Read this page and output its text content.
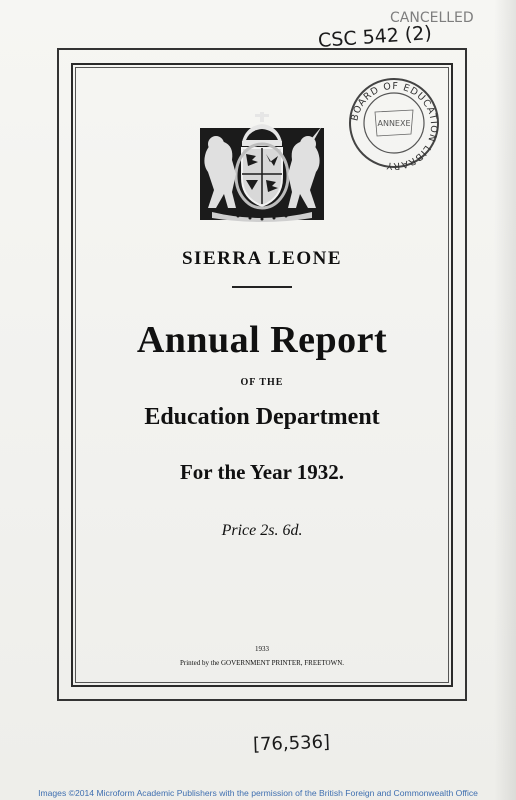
CANCELLED
CSC 542 (2)
BOARD OF EDUCATION LIBRARY
ANNEXE
SIERRA LEONE
Annual Report
OF THE
Education Department
For the Year 1932.
Price 2s. 6d.
1933
Printed by the GOVERNMENT PRINTER, FREETOWN.
[76,536]
Images ©2014 Microform Academic Publishers with the permission of the British Foreign and Commonwealth Office
